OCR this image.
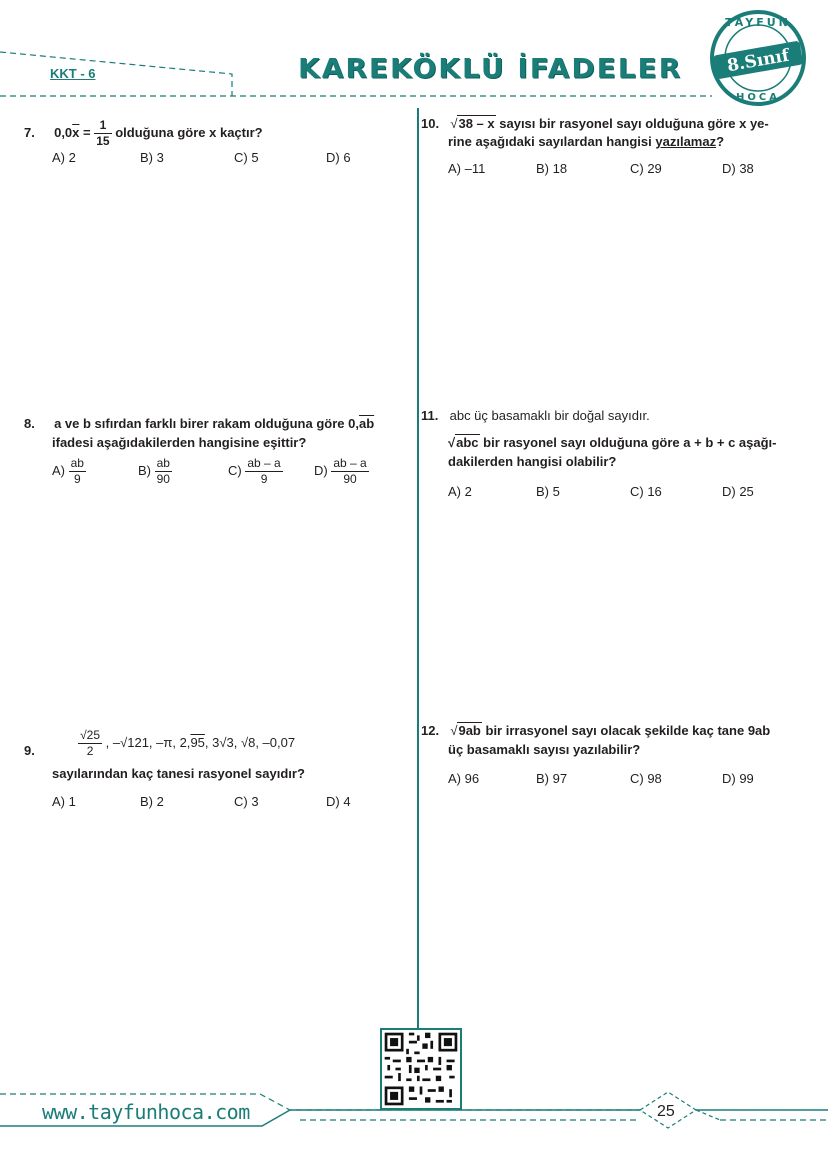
KKT - 6	KAREKÖKLÜ İFADELER
TAYFUN
8.Sınıf
HOCA
7. $0,0\overline{x} = \frac{1}{15}$ olduğuna göre x kaçtır?
A) 2	B) 3	C) 5	D) 6
8. a ve b sıfırdan farklı birer rakam olduğuna göre $0,\overline{ab}$
ifadesi aşağıdakilerden hangisine eşittir?
$A) \frac{ab}{9}$	$B) \frac{ab}{90}$	$C) \frac{ab - a}{9} D) \frac{ab - a}{90}$
9.	$\frac{√25}{2}$ , –√121, –π, 2,95, 3√3, √8, –0,07
sayılarından kaç tanesi rasyonel sayıdır?
A) 1	B) 2	C) 3	D) 4
10. √38 – x sayısı bir rasyonel sayı olduğuna göre x ye-
rine aşağıdaki sayılardan hangisi yazılamaz?
A) –11	B) 18	C) 29	D) 38
11. abc üç basamaklı bir doğal sayıdır.
√abc bir rasyonel sayı olduğuna göre a + b + c aşağı-
dakilerden hangisi olabilir?
A) 2	B) 5	C) 16	D) 25
12. √9ab bir irrasyonel sayı olacak şekilde kaç tane 9ab
üç basamaklı sayısı yazılabilir?
A) 96	B) 97	C) 98	D) 99
www.tayfunhoca.com	25
